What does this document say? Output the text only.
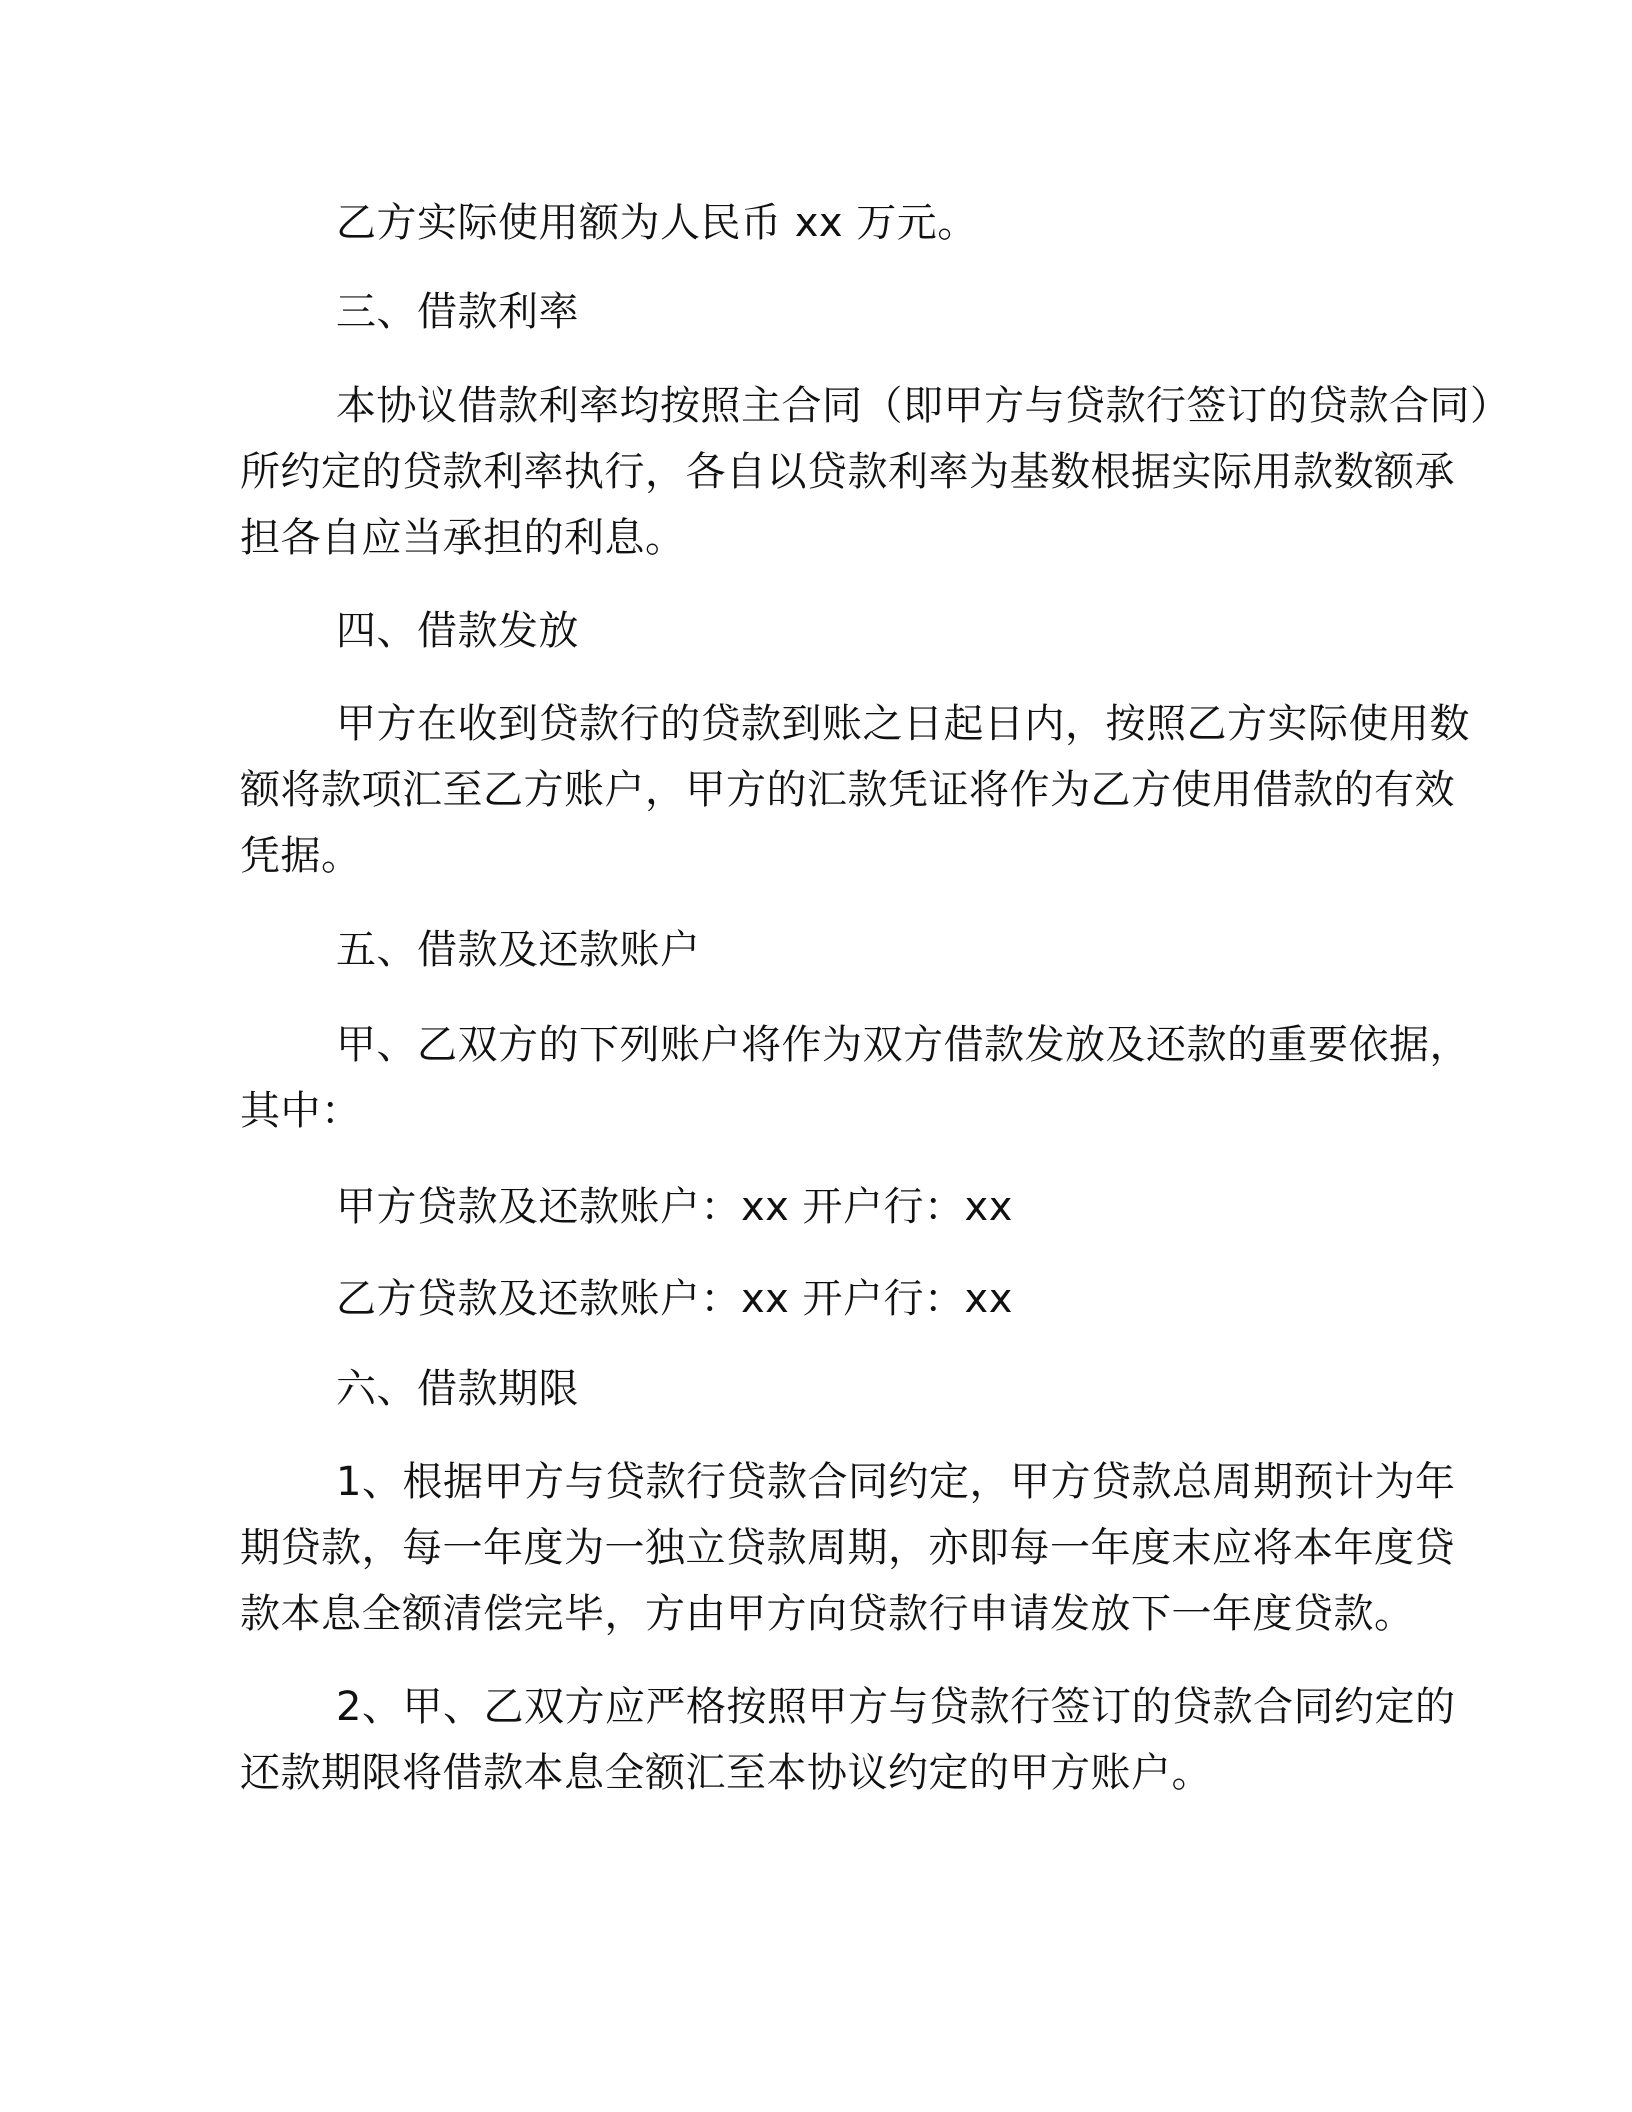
乙方实际使用额为人民币 xx 万元。

三、借款利率

本协议借款利率均按照主合同（即甲方与贷款行签订的贷款合同）
所约定的贷款利率执行，各自以贷款利率为基数根据实际用款数额承
担各自应当承担的利息。

四、借款发放

甲方在收到贷款行的贷款到账之日起日内，按照乙方实际使用数
额将款项汇至乙方账户，甲方的汇款凭证将作为乙方使用借款的有效
凭据。

五、借款及还款账户

甲、乙双方的下列账户将作为双方借款发放及还款的重要依据，
其中：

甲方贷款及还款账户：xx 开户行：xx

乙方贷款及还款账户：xx 开户行：xx

六、借款期限

1、根据甲方与贷款行贷款合同约定，甲方贷款总周期预计为年
期贷款，每一年度为一独立贷款周期，亦即每一年度末应将本年度贷
款本息全额清偿完毕，方由甲方向贷款行申请发放下一年度贷款。

2、甲、乙双方应严格按照甲方与贷款行签订的贷款合同约定的
还款期限将借款本息全额汇至本协议约定的甲方账户。
